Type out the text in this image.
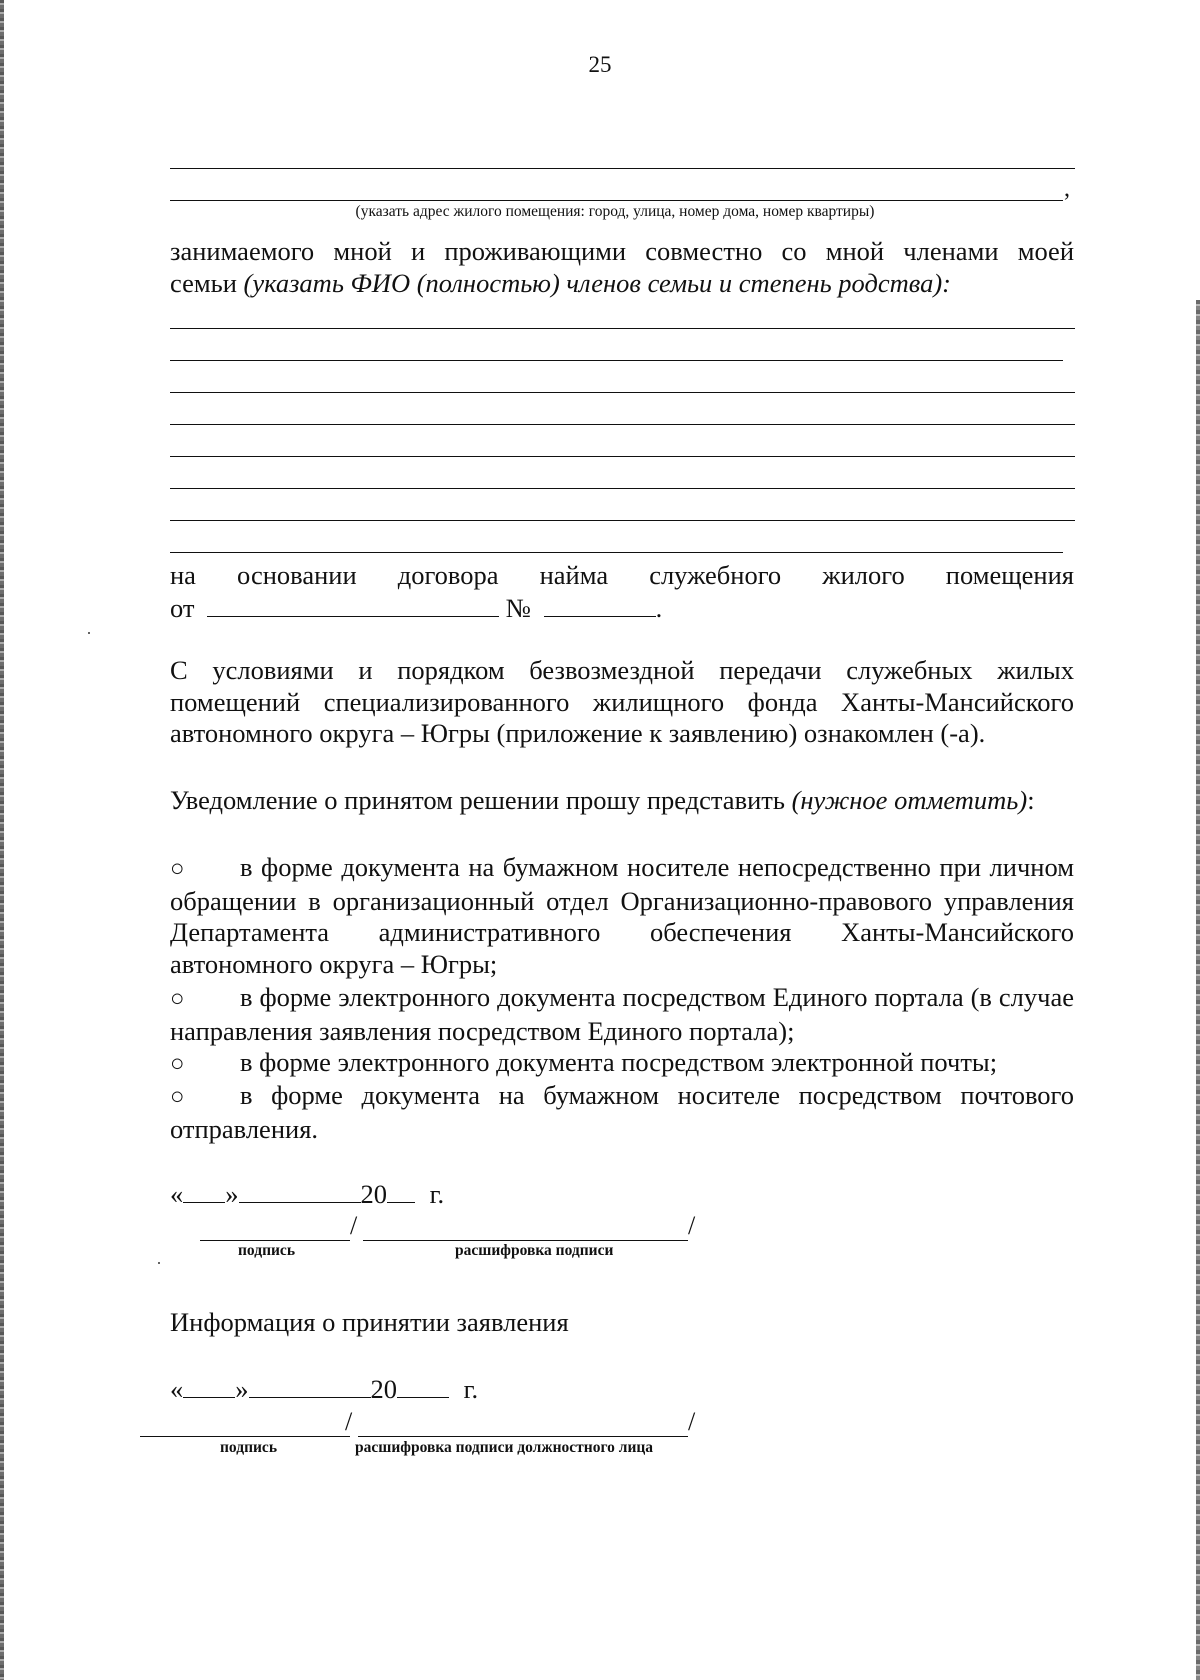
25
,
(указать адрес жилого помещения: город, улица, номер дома, номер квартиры)
занимаемого мной и проживающими совместно со мной членами моей
семьи (указать ФИО (полностью) членов семьи и степень родства):
на основании договора найма служебного жилого помещения
от	№	.
С условиями и порядком безвозмездной передачи служебных жилых помещений специализированного жилищного фонда Ханты-Мансийского автономного округа – Югры (приложение к заявлению) ознакомлен (-а).
Уведомление о принятом решении прошу представить (нужное отметить):
○ в форме документа на бумажном носителе непосредственно при личном обращении в организационный отдел Организационно-правового управления Департамента административного обеспечения Ханты-Мансийского автономного округа – Югры;
○ в форме электронного документа посредством Единого портала (в случае направления заявления посредством Единого портала);
○ в форме электронного документа посредством электронной почты;
○ в форме документа на бумажном носителе посредством почтового отправления.
« »	20 г.
/	/
подпись	расшифровка подписи
Информация о принятии заявления
« »	20	г.
/	/
подпись	расшифровка подписи должностного лица
